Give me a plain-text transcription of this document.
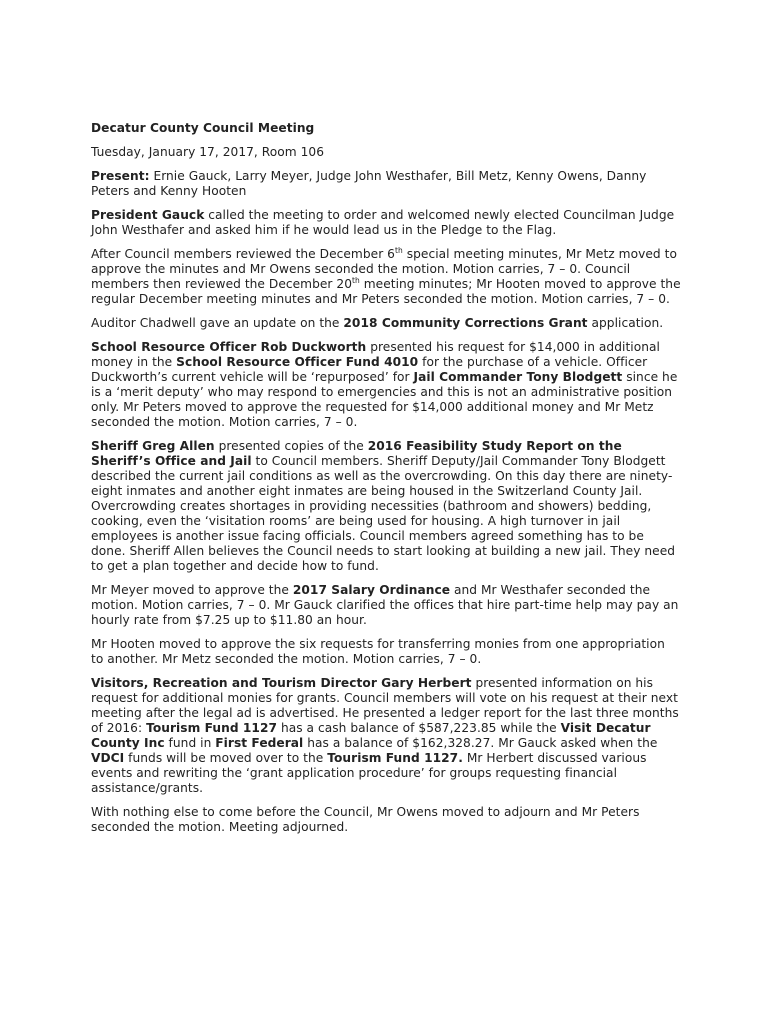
Decatur County Council Meeting

Tuesday, January 17, 2017, Room 106

Present: Ernie Gauck, Larry Meyer, Judge John Westhafer, Bill Metz, Kenny Owens, Danny Peters and Kenny Hooten

President Gauck called the meeting to order and welcomed newly elected Councilman Judge John Westhafer and asked him if he would lead us in the Pledge to the Flag.

After Council members reviewed the December 6th special meeting minutes, Mr Metz moved to approve the minutes and Mr Owens seconded the motion. Motion carries, 7 – 0. Council members then reviewed the December 20th meeting minutes; Mr Hooten moved to approve the regular December meeting minutes and Mr Peters seconded the motion. Motion carries, 7 – 0.

Auditor Chadwell gave an update on the 2018 Community Corrections Grant application.

School Resource Officer Rob Duckworth presented his request for $14,000 in additional money in the School Resource Officer Fund 4010 for the purchase of a vehicle. Officer Duckworth’s current vehicle will be ‘repurposed’ for Jail Commander Tony Blodgett since he is a ‘merit deputy’ who may respond to emergencies and this is not an administrative position only. Mr Peters moved to approve the requested for $14,000 additional money and Mr Metz seconded the motion. Motion carries, 7 – 0.

Sheriff Greg Allen presented copies of the 2016 Feasibility Study Report on the Sheriff’s Office and Jail to Council members. Sheriff Deputy/Jail Commander Tony Blodgett described the current jail conditions as well as the overcrowding. On this day there are ninety-eight inmates and another eight inmates are being housed in the Switzerland County Jail. Overcrowding creates shortages in providing necessities (bathroom and showers) bedding, cooking, even the ‘visitation rooms’ are being used for housing. A high turnover in jail employees is another issue facing officials. Council members agreed something has to be done. Sheriff Allen believes the Council needs to start looking at building a new jail. They need to get a plan together and decide how to fund.

Mr Meyer moved to approve the 2017 Salary Ordinance and Mr Westhafer seconded the motion. Motion carries, 7 – 0. Mr Gauck clarified the offices that hire part-time help may pay an hourly rate from $7.25 up to $11.80 an hour.

Mr Hooten moved to approve the six requests for transferring monies from one appropriation to another. Mr Metz seconded the motion. Motion carries, 7 – 0.

Visitors, Recreation and Tourism Director Gary Herbert presented information on his request for additional monies for grants. Council members will vote on his request at their next meeting after the legal ad is advertised. He presented a ledger report for the last three months of 2016: Tourism Fund 1127 has a cash balance of $587,223.85 while the Visit Decatur County Inc fund in First Federal has a balance of $162,328.27. Mr Gauck asked when the VDCI funds will be moved over to the Tourism Fund 1127. Mr Herbert discussed various events and rewriting the ‘grant application procedure’ for groups requesting financial assistance/grants.

With nothing else to come before the Council, Mr Owens moved to adjourn and Mr Peters seconded the motion. Meeting adjourned.
